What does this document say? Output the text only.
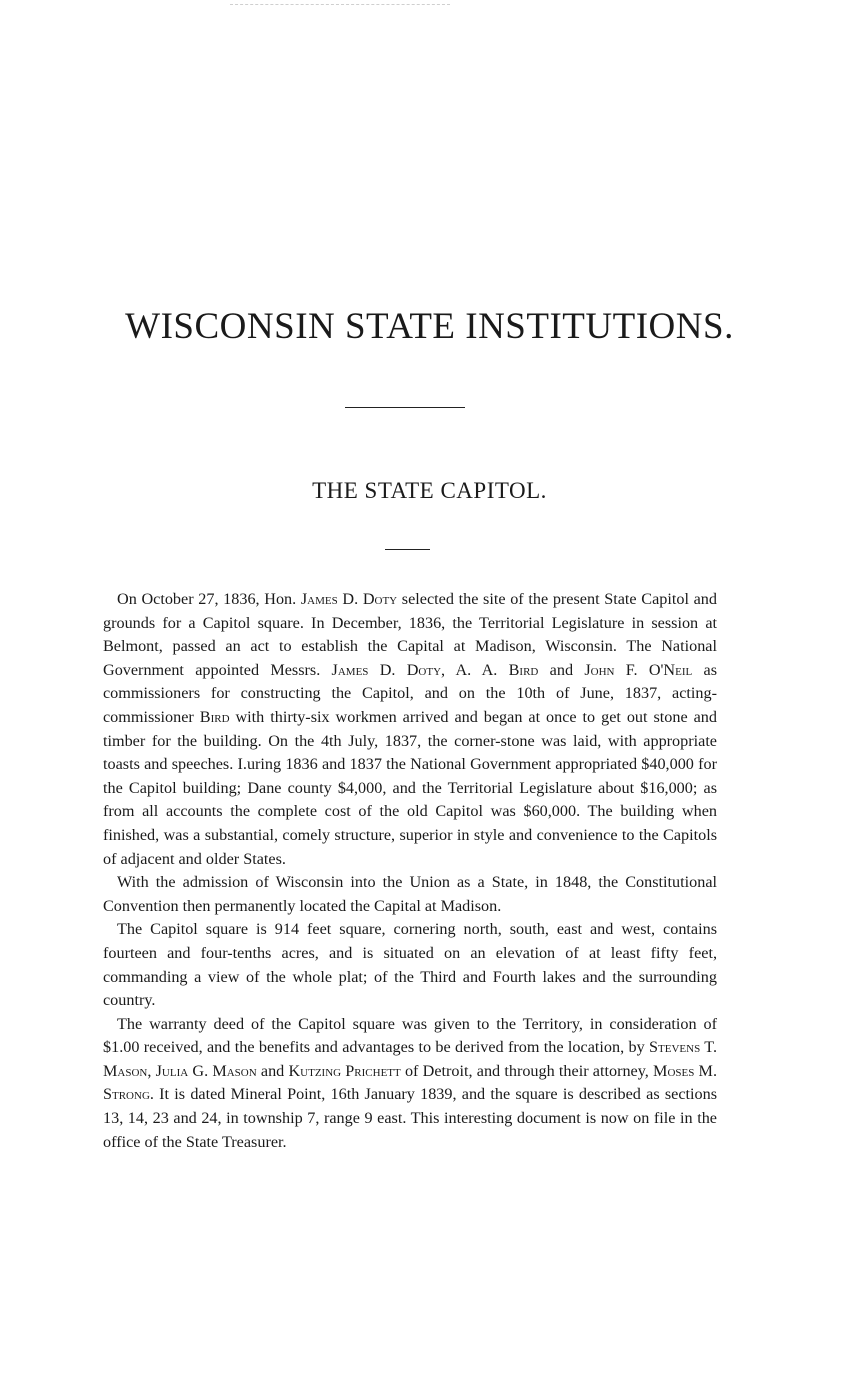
WISCONSIN STATE INSTITUTIONS.
THE STATE CAPITOL.

On October 27, 1836, Hon. James D. Doty selected the site of the present State Capitol and grounds for a Capitol square. In December, 1836, the Territorial Legislature in session at Belmont, passed an act to establish the Capital at Madison, Wisconsin. The National Government appointed Messrs. James D. Doty, A. A. Bird and John F. O'Neil as commissioners for constructing the Capitol, and on the 10th of June, 1837, acting-commissioner Bird with thirty-six workmen arrived and began at once to get out stone and timber for the building. On the 4th July, 1837, the corner-stone was laid, with appropriate toasts and speeches. I.uring 1836 and 1837 the National Government appropriated $40,000 for the Capitol building; Dane county $4,000, and the Territorial Legislature about $16,000; as from all accounts the complete cost of the old Capitol was $60,000. The building when finished, was a substantial, comely structure, superior in style and convenience to the Capitols of adjacent and older States.

With the admission of Wisconsin into the Union as a State, in 1848, the Constitutional Convention then permanently located the Capital at Madison.

The Capitol square is 914 feet square, cornering north, south, east and west, contains fourteen and four-tenths acres, and is situated on an elevation of at least fifty feet, commanding a view of the whole plat; of the Third and Fourth lakes and the surrounding country.

The warranty deed of the Capitol square was given to the Territory, in consideration of $1.00 received, and the benefits and advantages to be derived from the location, by Stevens T. Mason, Julia G. Mason and Kutzing Prichett of Detroit, and through their attorney, Moses M. Strong. It is dated Mineral Point, 16th January 1839, and the square is described as sections 13, 14, 23 and 24, in township 7, range 9 east. This interesting document is now on file in the office of the State Treasurer.
